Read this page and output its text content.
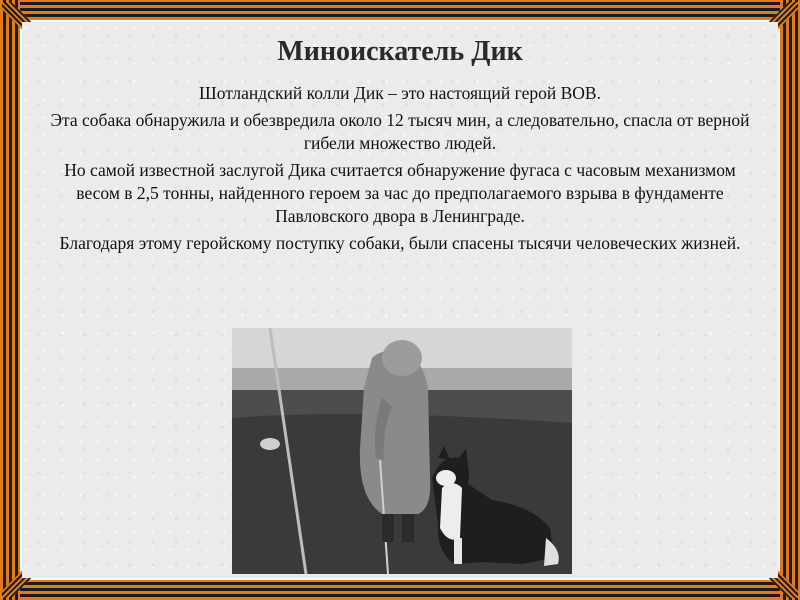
Миноискатель Дик

Шотландский колли Дик – это настоящий герой ВОВ.

Эта собака обнаружила и обезвредила около 12 тысяч мин, а следовательно, спасла от верной гибели множество людей.

Но самой известной заслугой Дика считается обнаружение фугаса с часовым механизмом весом в 2,5 тонны, найденного героем за час до предполагаемого взрыва в фундаменте Павловского двора в Ленинграде.

Благодаря этому геройскому поступку собаки, были спасены тысячи человеческих жизней.
